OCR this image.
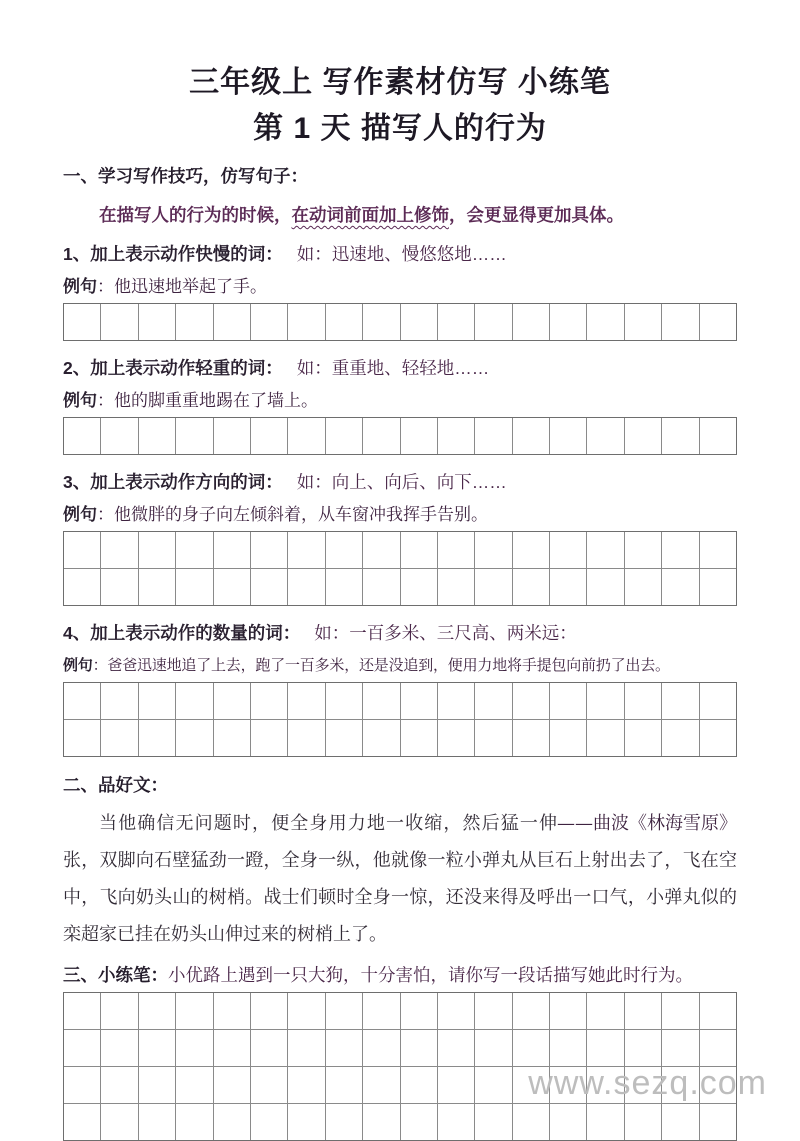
三年级上 写作素材仿写 小练笔
第 1 天 描写人的行为
一、学习写作技巧，仿写句子：

在描写人的行为的时候，在动词前面加上修饰，会更显得更加具体。

1、加上表示动作快慢的词： 如：迅速地、慢悠悠地……
例句：他迅速地举起了手。
2、加上表示动作轻重的词： 如：重重地、轻轻地……
例句：他的脚重重地踢在了墙上。
3、加上表示动作方向的词： 如：向上、向后、向下……
例句：他微胖的身子向左倾斜着，从车窗冲我挥手告别。
4、加上表示动作的数量的词： 如：一百多米、三尺高、两米远：
例句：爸爸迅速地追了上去，跑了一百多米，还是没追到，便用力地将手提包向前扔了出去。
二、品好文：

——曲波《林海雪原》
当他确信无问题时，便全身用力地一收缩，然后猛一伸张，双脚向石壁猛劲一蹬，全身一纵，他就像一粒小弹丸从巨石上射出去了，飞在空中，飞向奶头山的树梢。战士们顿时全身一惊，还没来得及呼出一口气，小弹丸似的栾超家已挂在奶头山伸过来的树梢上了。

三、小练笔：小优路上遇到一只大狗，十分害怕，请你写一段话描写她此时行为。
www.sezq.com
